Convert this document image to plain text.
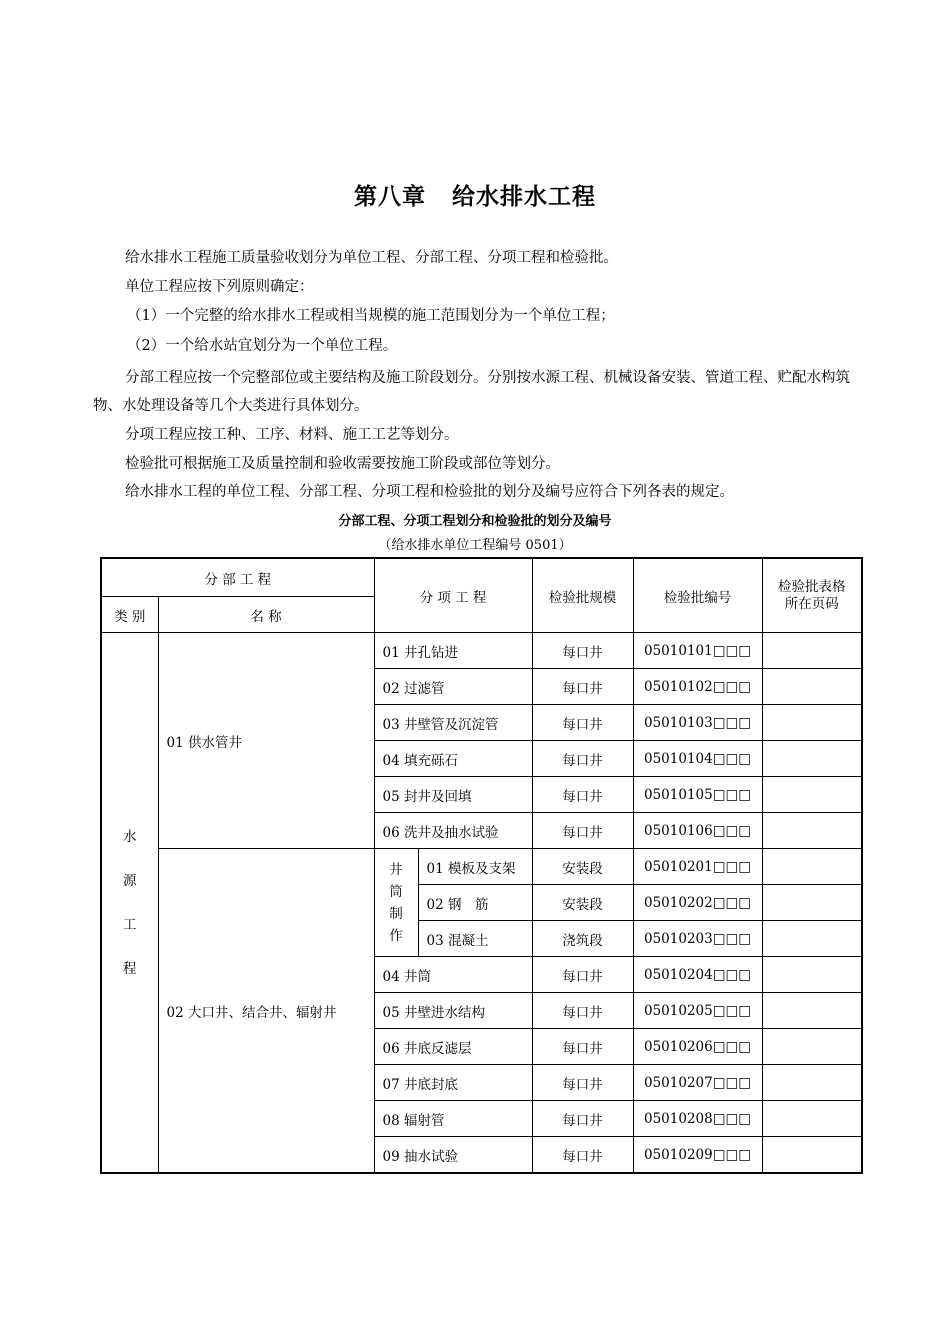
第八章 给水排水工程
给水排水工程施工质量验收划分为单位工程、分部工程、分项工程和检验批。
单位工程应按下列原则确定：
（1）一个完整的给水排水工程或相当规模的施工范围划分为一个单位工程；
（2）一个给水站宜划分为一个单位工程。
分部工程应按一个完整部位或主要结构及施工阶段划分。分别按水源工程、机械设备安装、管道工程、贮配水构筑物、水处理设备等几个大类进行具体划分。
分项工程应按工种、工序、材料、施工工艺等划分。
检验批可根据施工及质量控制和验收需要按施工阶段或部位等划分。
给水排水工程的单位工程、分部工程、分项工程和检验批的划分及编号应符合下列各表的规定。
分部工程、分项工程划分和检验批的划分及编号
（给水排水单位工程编号 0501）
分 部 工 程		分 项 工 程		检验批规模	检验批编号	检验批表格所在页码
类 别	名 称					
水源工程	01 供水管井	01 井孔钻进		每口井	05010101□□□	
		02 过滤管		每口井	05010102□□□	
		03 井壁管及沉淀管		每口井	05010103□□□	
		04 填充砾石		每口井	05010104□□□	
		05 封井及回填		每口井	05010105□□□	
		06 洗井及抽水试验		每口井	05010106□□□	
	02 大口井、结合井、辐射井	井筒制作	01 模板及支架	安装段	05010201□□□	
			02 钢　筋	安装段	05010202□□□	
			03 混凝土	浇筑段	05010203□□□	
		04 井筒		每口井	05010204□□□	
		05 井壁进水结构		每口井	05010205□□□	
		06 井底反滤层		每口井	05010206□□□	
		07 井底封底		每口井	05010207□□□	
		08 辐射管		每口井	05010208□□□	
		09 抽水试验		每口井	05010209□□□	
